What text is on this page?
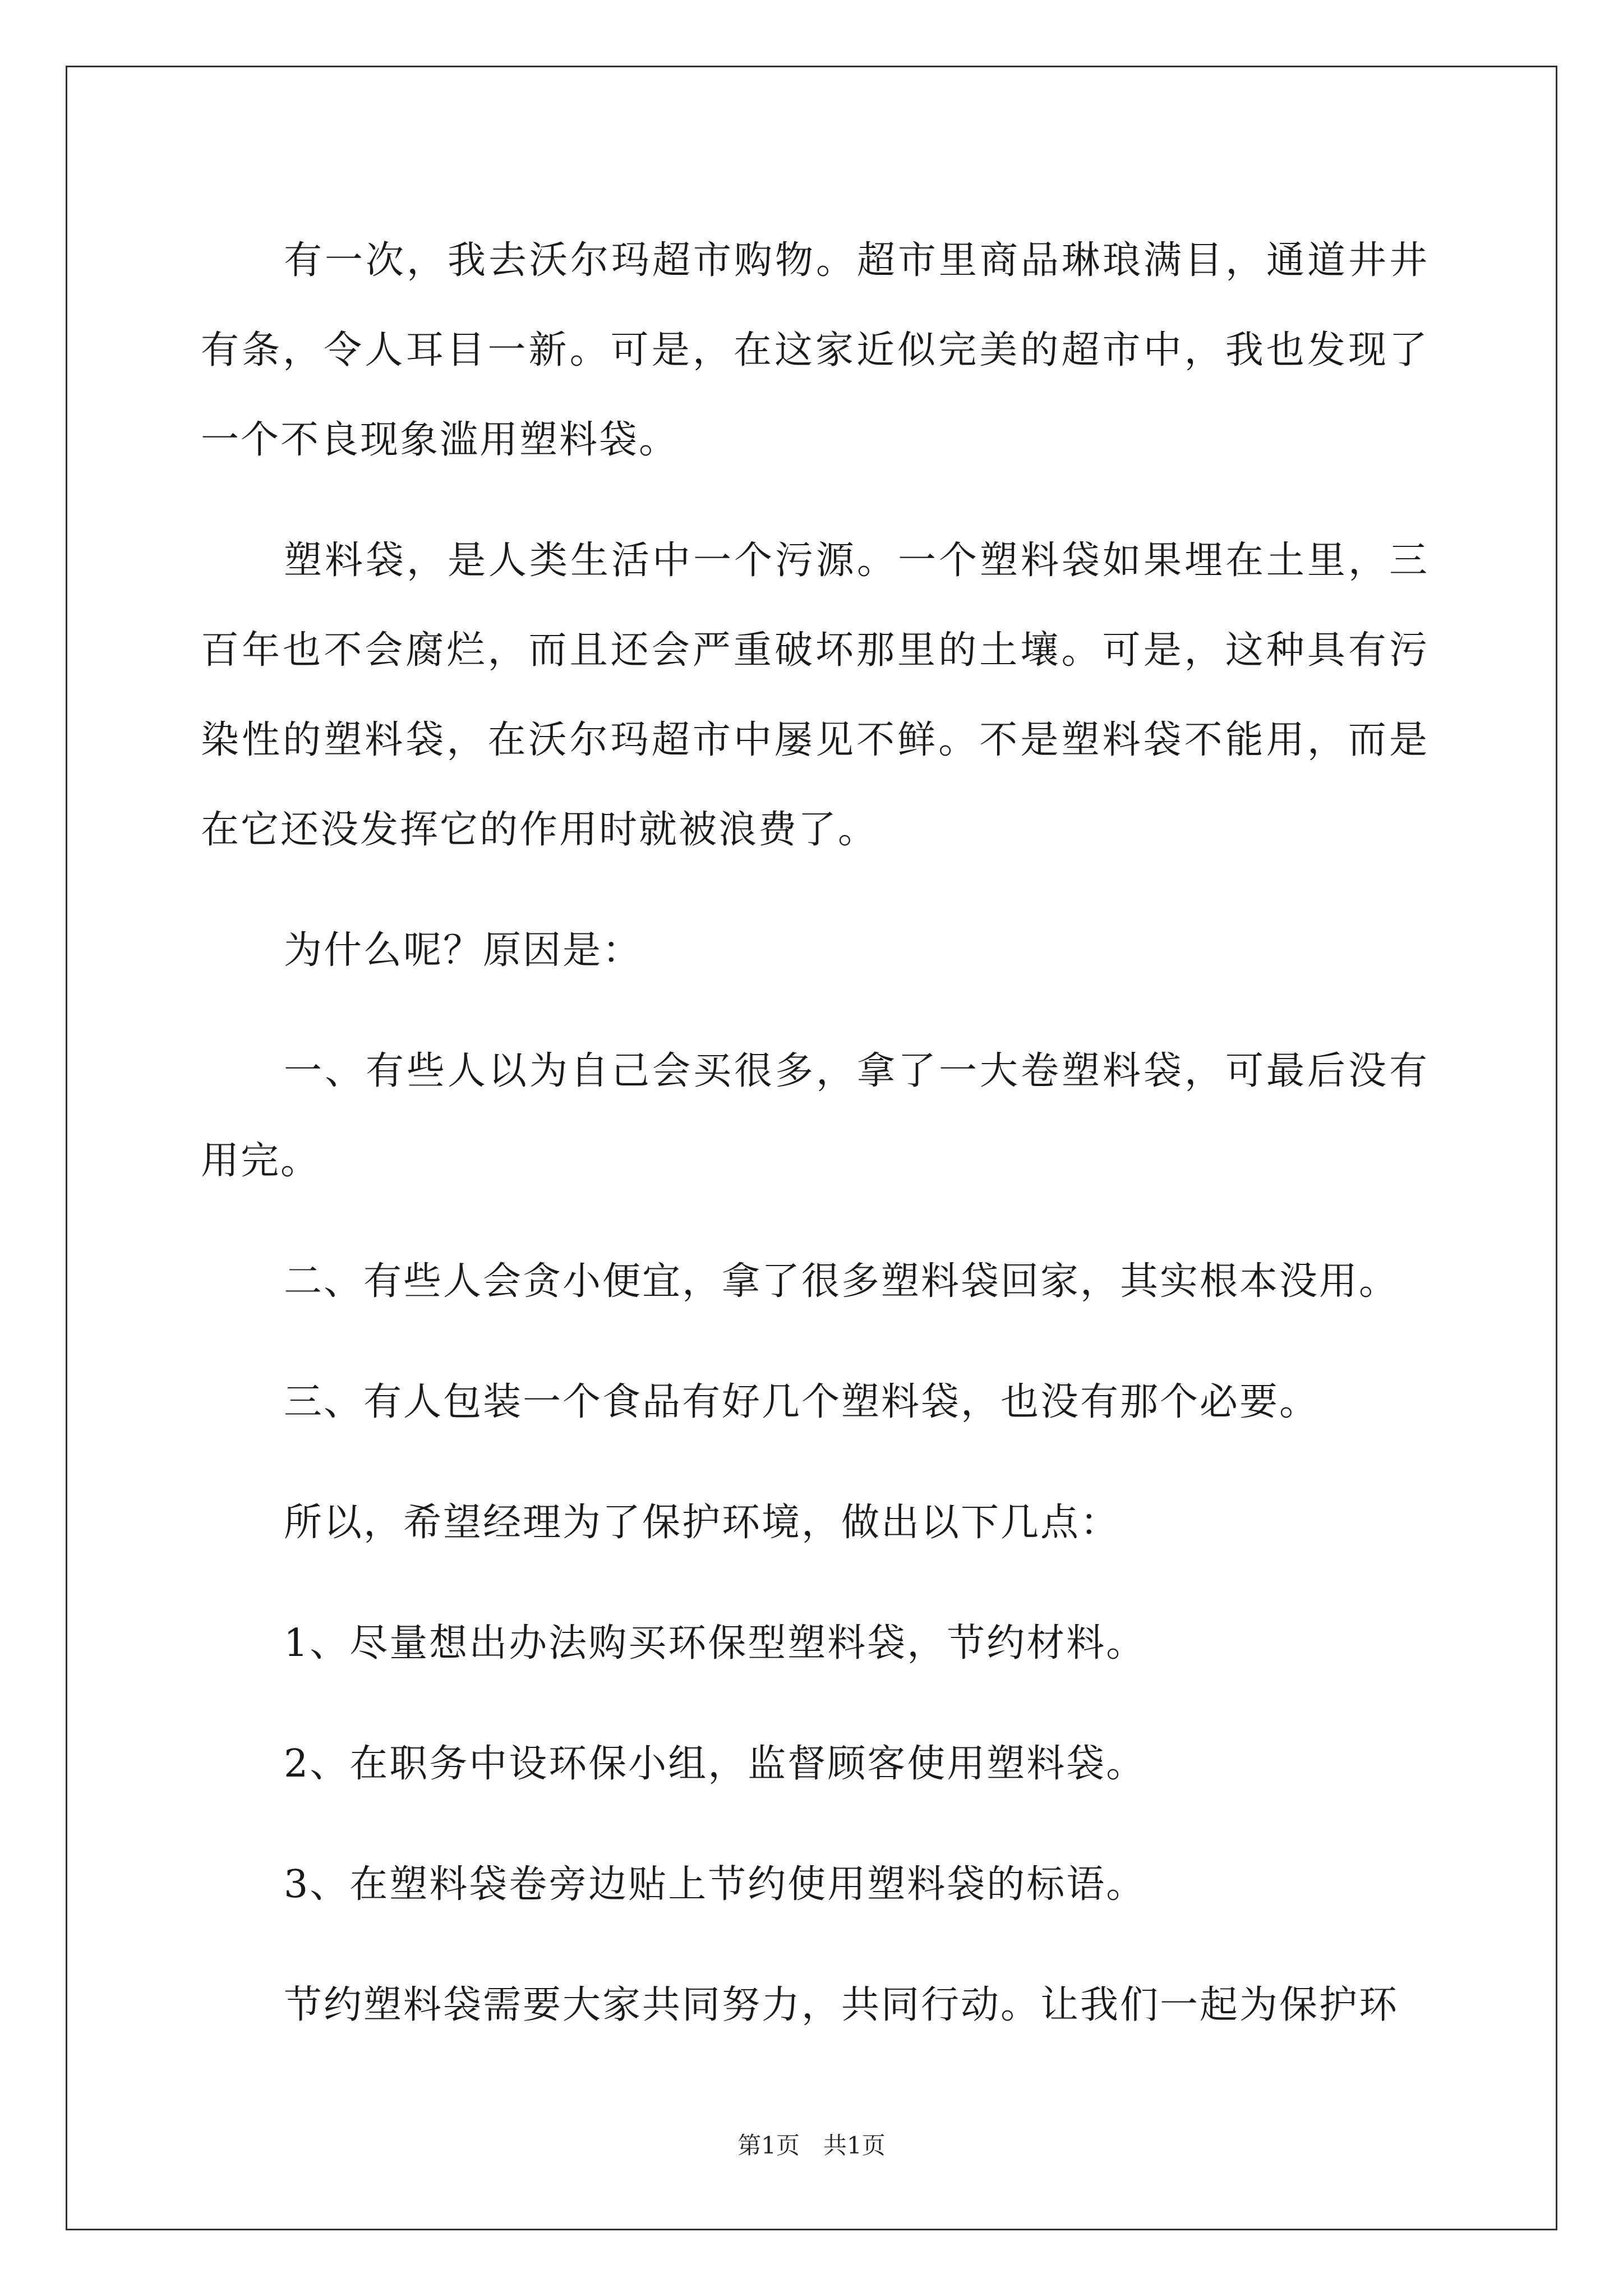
有一次，我去沃尔玛超市购物。超市里商品琳琅满目，通道井井有条，令人耳目一新。可是，在这家近似完美的超市中，我也发现了一个不良现象滥用塑料袋。

塑料袋，是人类生活中一个污源。一个塑料袋如果埋在土里，三百年也不会腐烂，而且还会严重破坏那里的土壤。可是，这种具有污染性的塑料袋，在沃尔玛超市中屡见不鲜。不是塑料袋不能用，而是在它还没发挥它的作用时就被浪费了。

为什么呢？原因是：

一、有些人以为自己会买很多，拿了一大卷塑料袋，可最后没有用完。

二、有些人会贪小便宜，拿了很多塑料袋回家，其实根本没用。

三、有人包装一个食品有好几个塑料袋，也没有那个必要。

所以，希望经理为了保护环境，做出以下几点：

1、尽量想出办法购买环保型塑料袋，节约材料。

2、在职务中设环保小组，监督顾客使用塑料袋。

3、在塑料袋卷旁边贴上节约使用塑料袋的标语。

节约塑料袋需要大家共同努力，共同行动。让我们一起为保护环

第1页　共1页
